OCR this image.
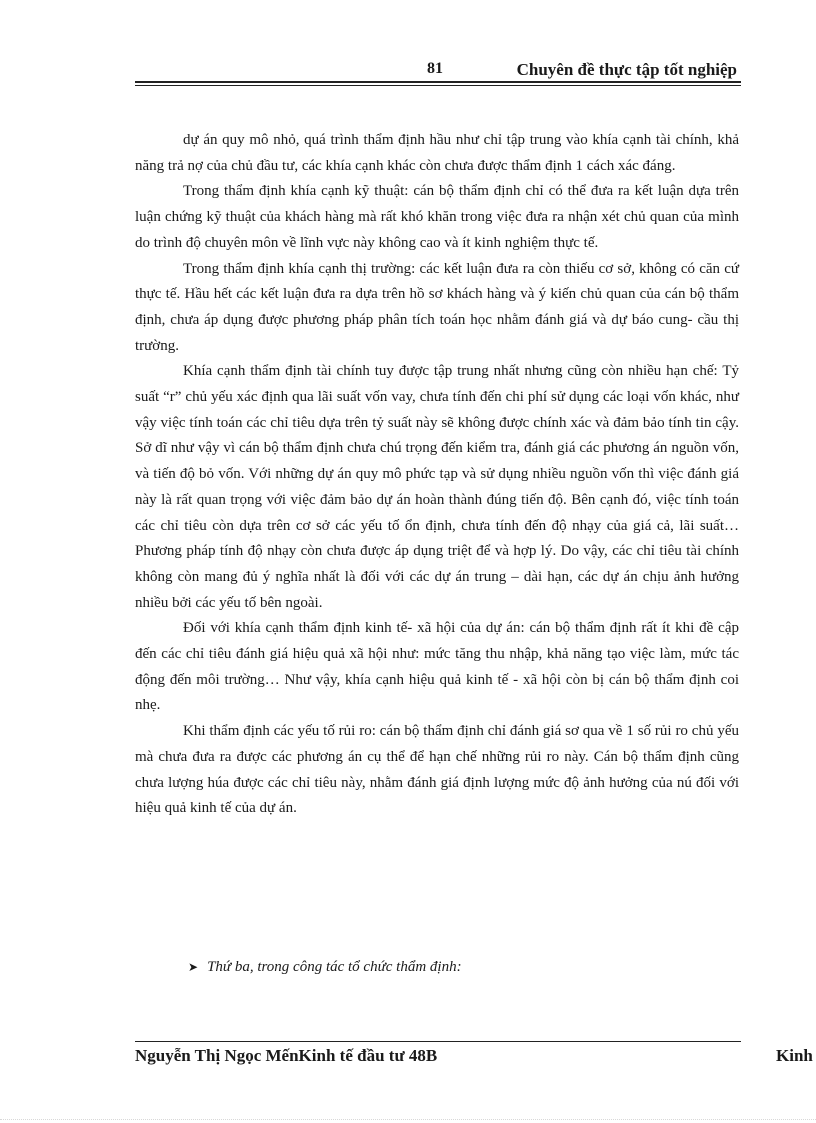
81	Chuyên đề thực tập tốt nghiệp

dự án quy mô nhỏ, quá trình thẩm định hầu như chỉ tập trung vào khía cạnh tài chính, khả năng trả nợ của chủ đầu tư, các khía cạnh khác còn chưa được thẩm định 1 cách xác đáng.

Trong thẩm định khía cạnh kỹ thuật: cán bộ thẩm định chỉ có thể đưa ra kết luận dựa trên luận chứng kỹ thuật của khách hàng mà rất khó khăn trong việc đưa ra nhận xét chủ quan của mình do trình độ chuyên môn về lĩnh vực này không cao và ít kinh nghiệm thực tế.

Trong thẩm định khía cạnh thị trường: các kết luận đưa ra còn thiếu cơ sở, không có căn cứ thực tế. Hầu hết các kết luận đưa ra dựa trên hồ sơ khách hàng và ý kiến chủ quan của cán bộ thẩm định, chưa áp dụng được phương pháp phân tích toán học nhằm đánh giá và dự báo cung- cầu thị trường.

Khía cạnh thẩm định tài chính tuy được tập trung nhất nhưng cũng còn nhiều hạn chế: Tỷ suất “r” chủ yếu xác định qua lãi suất vốn vay, chưa tính đến chi phí sử dụng các loại vốn khác, như vậy việc tính toán các chỉ tiêu dựa trên tỷ suất này sẽ không được chính xác và đảm bảo tính tin cậy. Sở dĩ như vậy vì cán bộ thẩm định chưa chú trọng đến kiểm tra, đánh giá các phương án nguồn vốn, và tiến độ bỏ vốn. Với những dự án quy mô phức tạp và sử dụng nhiều nguồn vốn thì việc đánh giá này là rất quan trọng với việc đảm bảo dự án hoàn thành đúng tiến độ. Bên cạnh đó, việc tính toán các chỉ tiêu còn dựa trên cơ sở các yếu tố ổn định, chưa tính đến độ nhạy của giá cả, lãi suất… Phương pháp tính độ nhạy còn chưa được áp dụng triệt để và hợp lý. Do vậy, các chỉ tiêu tài chính không còn mang đủ ý nghĩa nhất là đối với các dự án trung – dài hạn, các dự án chịu ảnh hưởng nhiều bởi các yếu tố bên ngoài.

Đối với khía cạnh thẩm định kinh tế- xã hội của dự án: cán bộ thẩm định rất ít khi đề cập đến các chỉ tiêu đánh giá hiệu quả xã hội như: mức tăng thu nhập, khả năng tạo việc làm, mức tác động đến môi trường… Như vậy, khía cạnh hiệu quả kinh tế - xã hội còn bị cán bộ thẩm định coi nhẹ.

Khi thẩm định các yếu tố rủi ro: cán bộ thẩm định chỉ đánh giá sơ qua về 1 số rủi ro chủ yếu mà chưa đưa ra được các phương án cụ thể để hạn chế những rủi ro này. Cán bộ thẩm định cũng chưa lượng húa được các chỉ tiêu này, nhằm đánh giá định lượng mức độ ảnh hưởng của nú đối với hiệu quả kinh tế của dự án.

➤ Thứ ba, trong công tác tổ chức thẩm định:
Nguyễn Thị Ngọc MếnKinh tế đầu tư 48B	Kinh
